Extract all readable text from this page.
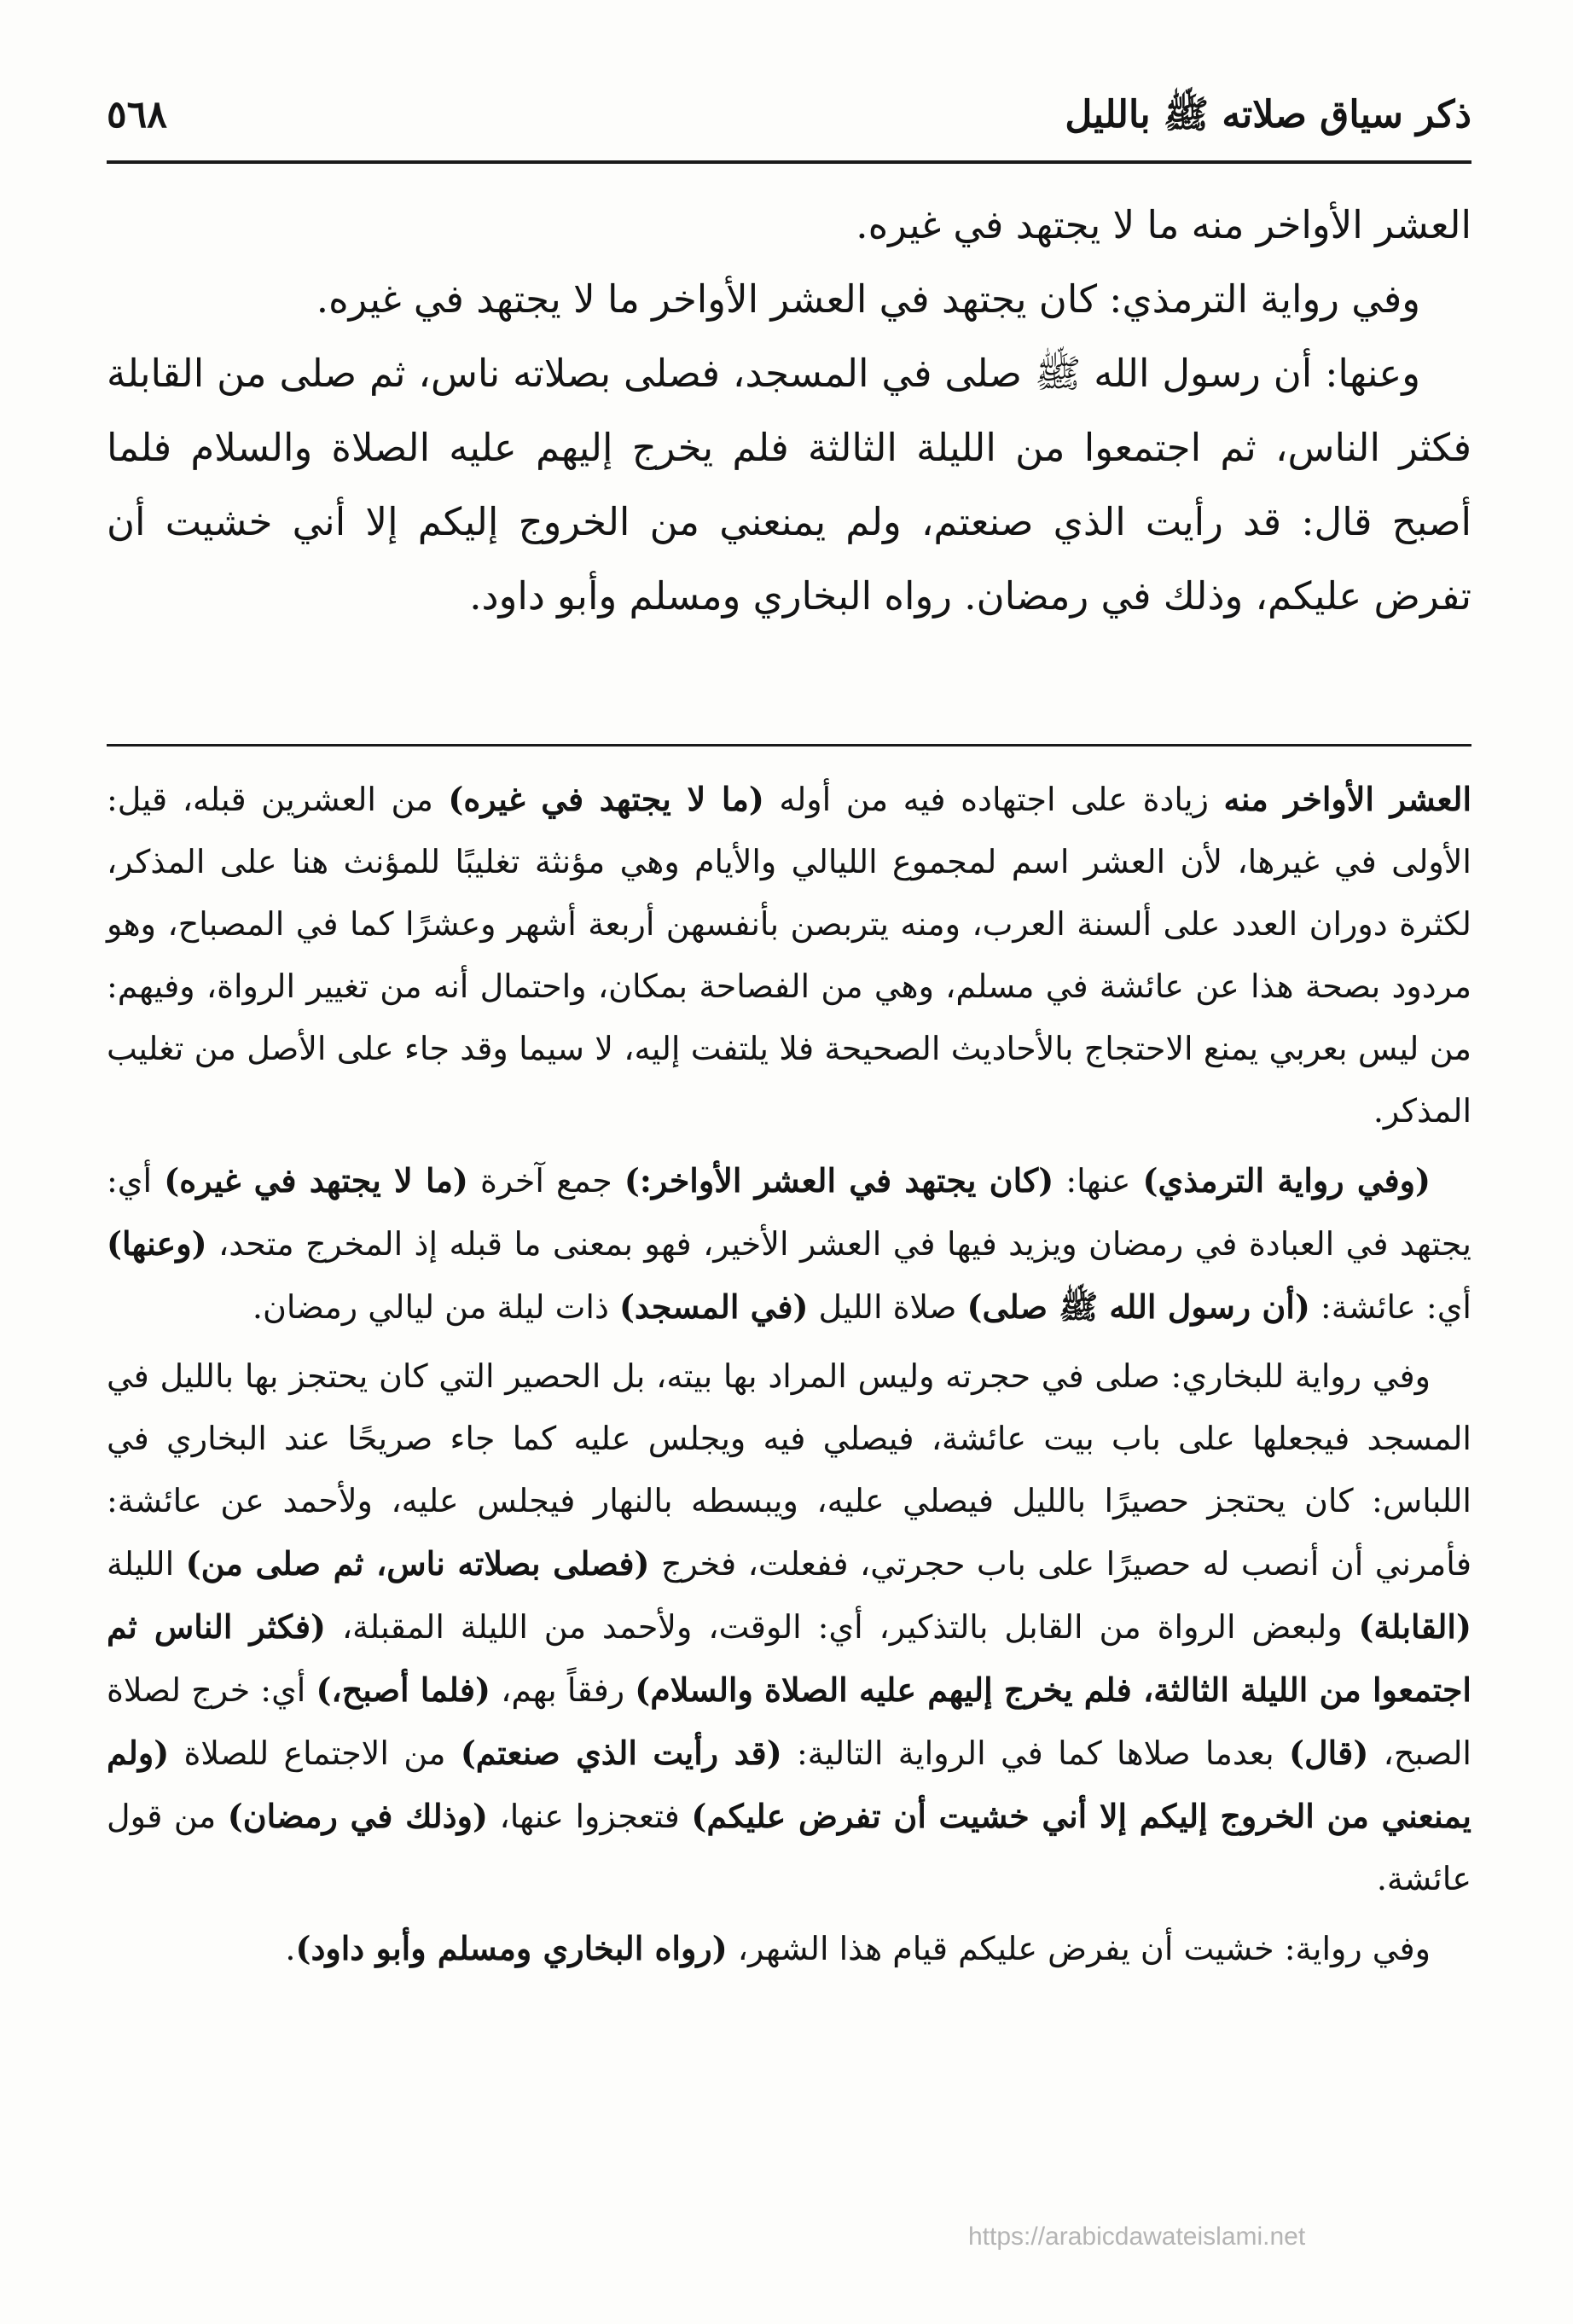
ذكر سياق صلاته ﷺ بالليل
٥٦٨

العشر الأواخر منه ما لا يجتهد في غيره.

وفي رواية الترمذي: كان يجتهد في العشر الأواخر ما لا يجتهد في غيره.

وعنها: أن رسول الله ﷺ صلى في المسجد، فصلى بصلاته ناس، ثم صلى من القابلة فكثر الناس، ثم اجتمعوا من الليلة الثالثة فلم يخرج إليهم عليه الصلاة والسلام فلما أصبح قال: قد رأيت الذي صنعتم، ولم يمنعني من الخروج إليكم إلا أني خشيت أن تفرض عليكم، وذلك في رمضان. رواه البخاري ومسلم وأبو داود.

العشر الأواخر منه زيادة على اجتهاده فيه من أوله (ما لا يجتهد في غيره) من العشرين قبله، قيل: الأولى في غيرها، لأن العشر اسم لمجموع الليالي والأيام وهي مؤنثة تغليبًا للمؤنث هنا على المذكر، لكثرة دوران العدد على ألسنة العرب، ومنه يتربصن بأنفسهن أربعة أشهر وعشرًا كما في المصباح، وهو مردود بصحة هذا عن عائشة في مسلم، وهي من الفصاحة بمكان، واحتمال أنه من تغيير الرواة، وفيهم: من ليس بعربي يمنع الاحتجاج بالأحاديث الصحيحة فلا يلتفت إليه، لا سيما وقد جاء على الأصل من تغليب المذكر.

(وفي رواية الترمذي) عنها: (كان يجتهد في العشر الأواخر:) جمع آخرة (ما لا يجتهد في غيره) أي: يجتهد في العبادة في رمضان ويزيد فيها في العشر الأخير، فهو بمعنى ما قبله إذ المخرج متحد، (وعنها) أي: عائشة: (أن رسول الله ﷺ صلى) صلاة الليل (في المسجد) ذات ليلة من ليالي رمضان.

وفي رواية للبخاري: صلى في حجرته وليس المراد بها بيته، بل الحصير التي كان يحتجز بها بالليل في المسجد فيجعلها على باب بيت عائشة، فيصلي فيه ويجلس عليه كما جاء صريحًا عند البخاري في اللباس: كان يحتجز حصيرًا بالليل فيصلي عليه، ويبسطه بالنهار فيجلس عليه، ولأحمد عن عائشة: فأمرني أن أنصب له حصيرًا على باب حجرتي، ففعلت، فخرج (فصلى بصلاته ناس، ثم صلى من) الليلة (القابلة) ولبعض الرواة من القابل بالتذكير، أي: الوقت، ولأحمد من الليلة المقبلة، (فكثر الناس ثم اجتمعوا من الليلة الثالثة، فلم يخرج إليهم عليه الصلاة والسلام) رفقاً بهم، (فلما أصبح،) أي: خرج لصلاة الصبح، (قال) بعدما صلاها كما في الرواية التالية: (قد رأيت الذي صنعتم) من الاجتماع للصلاة (ولم يمنعني من الخروج إليكم إلا أني خشيت أن تفرض عليكم) فتعجزوا عنها، (وذلك في رمضان) من قول عائشة.

وفي رواية: خشيت أن يفرض عليكم قيام هذا الشهر، (رواه البخاري ومسلم وأبو داود).

https://arabicdawateislami.net
